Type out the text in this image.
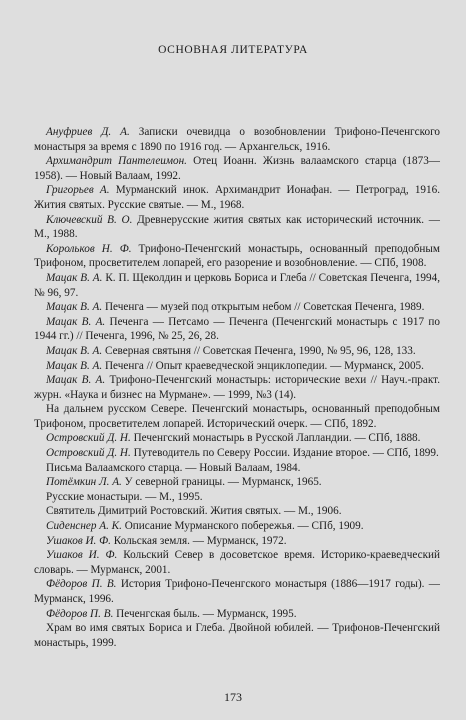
ОСНОВНАЯ ЛИТЕРАТУРА

Ануфриев Д. А. Записки очевидца о возобновлении Трифоно-Печенгского монастыря за время с 1890 по 1916 год. — Архангельск, 1916.

Архимандрит Пантелеимон. Отец Иоанн. Жизнь валаамского старца (1873—1958). — Новый Валаам, 1992.

Григорьев А. Мурманский инок. Архимандрит Ионафан. — Петроград, 1916. Жития святых. Русские святые. — М., 1968.

Ключевский В. О. Древнерусские жития святых как исторический источник. — М., 1988.

Корольков Н. Ф. Трифоно-Печенгский монастырь, основанный преподобным Трифоном, просветителем лопарей, его разорение и возобновление. — СПб, 1908.

Мацак В. А. К. П. Щеколдин и церковь Бориса и Глеба // Советская Печенга, 1994, № 96, 97.

Мацак В. А. Печенга — музей под открытым небом // Советская Печенга, 1989.

Мацак В. А. Печенга — Петсамо — Печенга (Печенгский монастырь с 1917 по 1944 гг.) // Печенга, 1996, № 25, 26, 28.

Мацак В. А. Северная святыня // Советская Печенга, 1990, № 95, 96, 128, 133.

Мацак В. А. Печенга // Опыт краеведческой энциклопедии. — Мурманск, 2005.

Мацак В. А. Трифоно-Печенгский монастырь: исторические вехи // Науч.-практ. журн. «Наука и бизнес на Мурмане». — 1999, №3 (14).

На дальнем русском Севере. Печенгский монастырь, основанный преподобным Трифоном, просветителем лопарей. Исторический очерк. — СПб, 1892.

Островский Д. Н. Печенгский монастырь в Русской Лапландии. — СПб, 1888.

Островский Д. Н. Путеводитель по Северу России. Издание второе. — СПб, 1899.

Письма Валаамского старца. — Новый Валаам, 1984.

Потёмкин Л. А. У северной границы. — Мурманск, 1965.

Русские монастыри. — М., 1995.

Святитель Димитрий Ростовский. Жития святых. — М., 1906.

Сиденснер А. К. Описание Мурманского побережья. — СПб, 1909.

Ушаков И. Ф. Кольская земля. — Мурманск, 1972.

Ушаков И. Ф. Кольский Север в досоветское время. Историко-краеведческий словарь. — Мурманск, 2001.

Фёдоров П. В. История Трифоно-Печенгского монастыря (1886—1917 годы). — Мурманск, 1996.

Фёдоров П. В. Печенгская быль. — Мурманск, 1995.

Храм во имя святых Бориса и Глеба. Двойной юбилей. — Трифонов-Печенгский монастырь, 1999.

173
